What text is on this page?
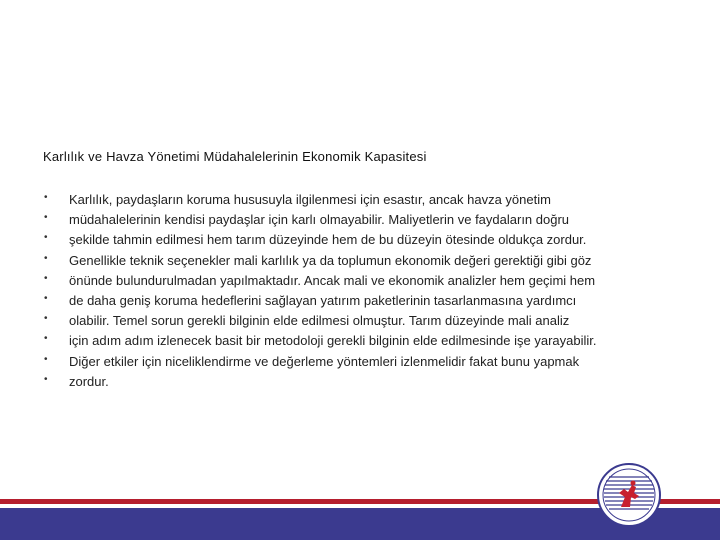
Karlılık ve Havza Yönetimi Müdahalelerinin Ekonomik Kapasitesi
•
•
•
•
•
•
•
•
•
•
Karlılık, paydaşların koruma hususuyla ilgilenmesi için esastır, ancak havza yönetim
müdahalelerinin kendisi paydaşlar için karlı olmayabilir. Maliyetlerin ve faydaların doğru
şekilde tahmin edilmesi hem tarım düzeyinde hem de bu düzeyin ötesinde oldukça zordur.
Genellikle teknik seçenekler mali karlılık ya da toplumun ekonomik değeri gerektiği gibi göz
önünde bulundurulmadan yapılmaktadır. Ancak mali ve ekonomik analizler hem geçimi hem
de daha geniş koruma hedeflerini sağlayan yatırım paketlerinin tasarlanmasına yardımcı
olabilir. Temel sorun gerekli bilginin elde edilmesi olmuştur. Tarım düzeyinde mali analiz
için adım adım izlenecek basit bir metodoloji gerekli bilginin elde edilmesinde işe yarayabilir.
Diğer etkiler için niceliklendirme ve değerleme yöntemleri izlenmelidir fakat bunu yapmak
zordur.
